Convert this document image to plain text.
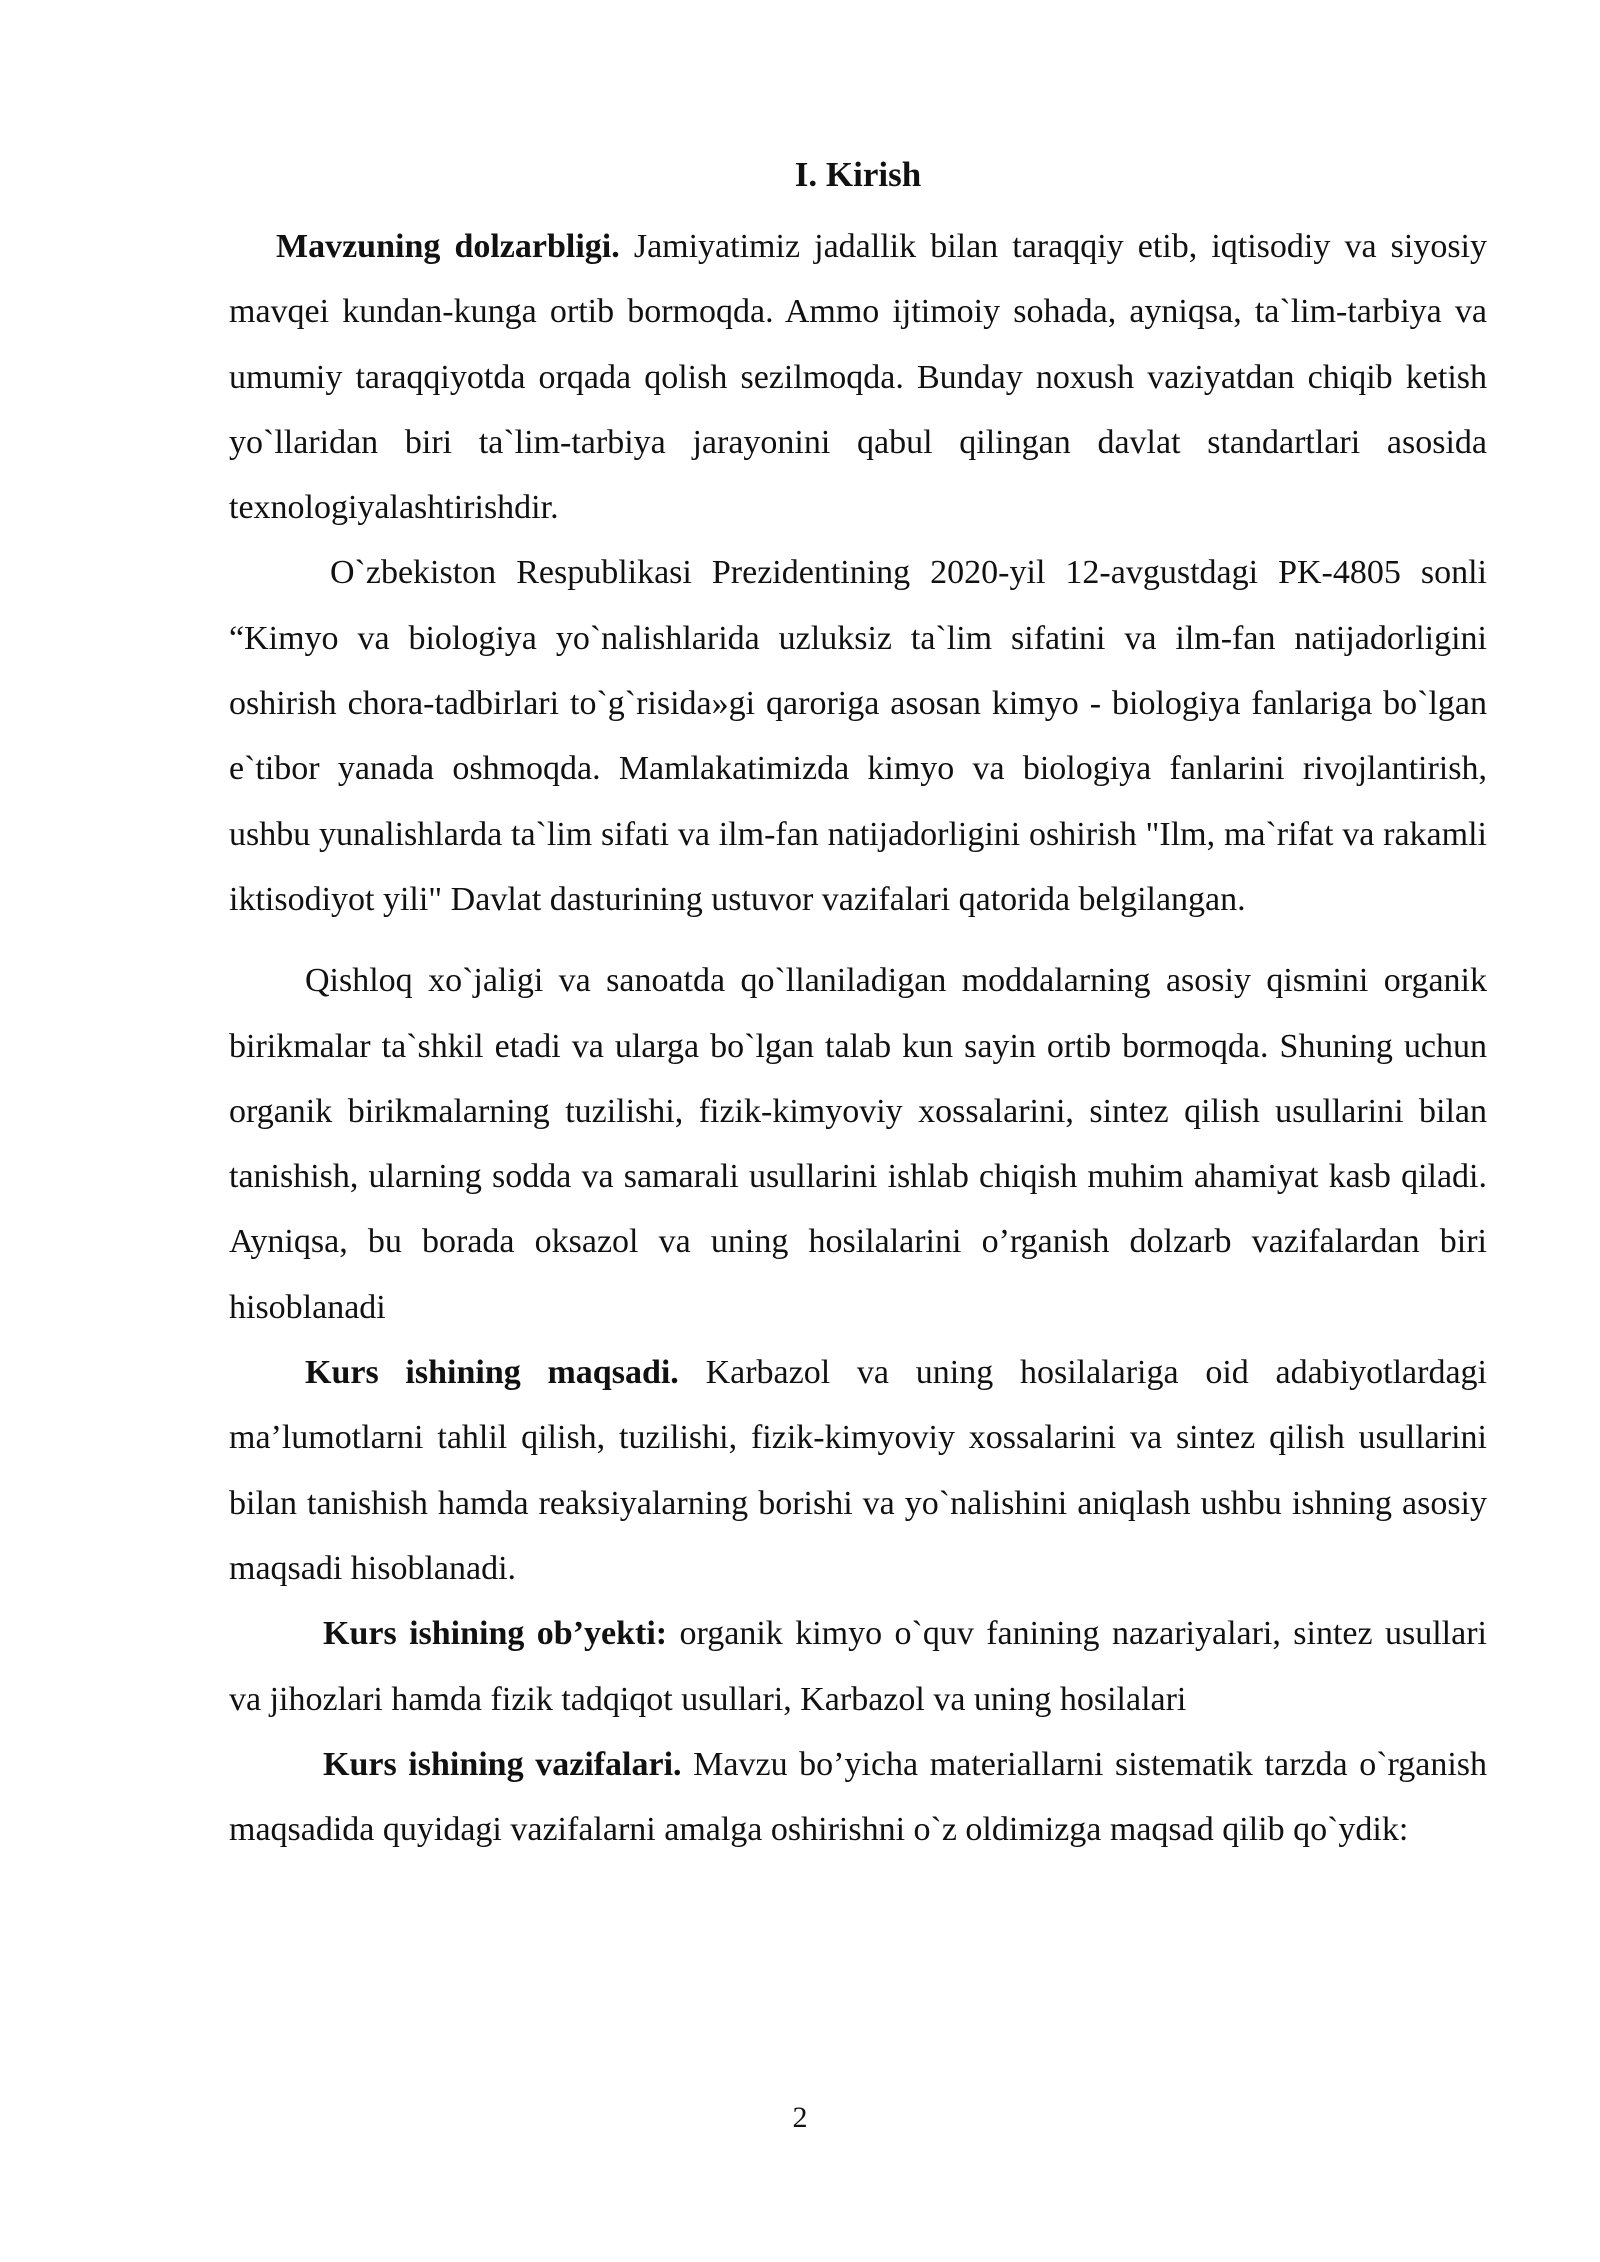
I. Kirish

Mavzuning dolzarbligi. Jamiyatimiz jadallik bilan taraqqiy etib, iqtisodiy va siyosiy mavqei kundan-kunga ortib bormoqda. Ammo ijtimoiy sohada, ayniqsa, ta`lim-tarbiya va umumiy taraqqiyotda orqada qolish sezilmoqda. Bunday noxush vaziyatdan chiqib ketish yo`llaridan biri ta`lim-tarbiya jarayonini qabul qilingan davlat standartlari asosida texnologiyalashtirishdir.

O`zbekiston Respublikasi Prezidentining 2020-yil 12-avgustdagi PK-4805 sonli “Kimyo va biologiya yo`nalishlarida uzluksiz ta`lim sifatini va ilm-fan natijadorligini oshirish chora-tadbirlari to`g`risida»gi qaroriga asosan kimyo - biologiya fanlariga bo`lgan e`tibor yanada oshmoqda. Mamlakatimizda kimyo va biologiya fanlarini rivojlantirish, ushbu yunalishlarda ta`lim sifati va ilm-fan natijadorligini oshirish "Ilm, ma`rifat va rakamli iktisodiyot yili" Davlat dasturining ustuvor vazifalari qatorida belgilangan.

Qishloq xo`jaligi va sanoatda qo`llaniladigan moddalarning asosiy qismini organik birikmalar ta`shkil etadi va ularga bo`lgan talab kun sayin ortib bormoqda. Shuning uchun organik birikmalarning tuzilishi, fizik-kimyoviy xossalarini, sintez qilish usullarini bilan tanishish, ularning sodda va samarali usullarini ishlab chiqish muhim ahamiyat kasb qiladi. Ayniqsa, bu borada oksazol va uning hosilalarini o’rganish dolzarb vazifalardan biri hisoblanadi

Kurs ishining maqsadi. Karbazol va uning hosilalariga oid adabiyotlardagi ma’lumotlarni tahlil qilish, tuzilishi, fizik-kimyoviy xossalarini va sintez qilish usullarini bilan tanishish hamda reaksiyalarning borishi va yo`nalishini aniqlash ushbu ishning asosiy maqsadi hisoblanadi.

Kurs ishining ob’yekti: organik kimyo o`quv fanining nazariyalari, sintez usullari va jihozlari hamda fizik tadqiqot usullari, Karbazol va uning hosilalari

Kurs ishining vazifalari. Mavzu bo’yicha materiallarni sistematik tarzda o`rganish maqsadida quyidagi vazifalarni amalga oshirishni o`z oldimizga maqsad qilib qo`ydik:

2
